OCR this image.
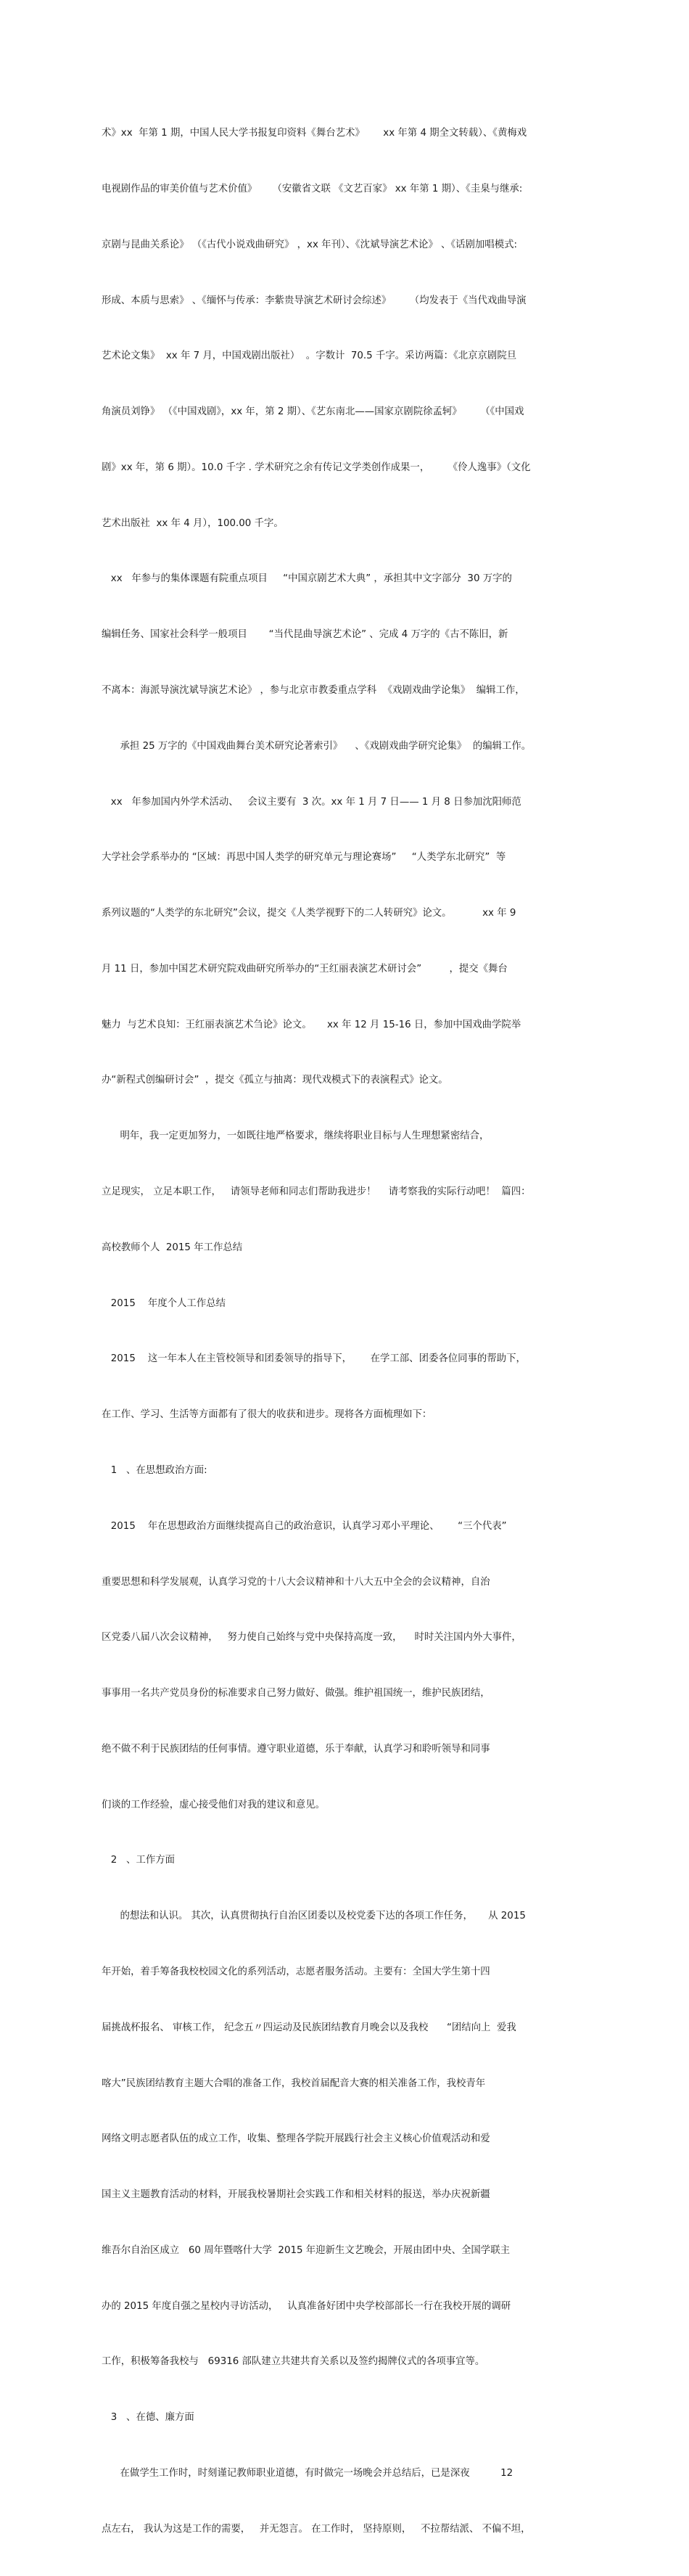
术》xx  年第 1 期，中国人民大学书报复印资料《舞台艺术》      xx 年第 4 期全文转载）、《黄梅戏

电视剧作品的审美价值与艺术价值》     （安徽省文联 《文艺百家》 xx 年第 1 期）、《圭臬与继承:

京剧与昆曲关系论》 （《古代小说戏曲研究》 ，xx 年刊）、《沈斌导演艺术论》 、《话剧加唱模式:

形成、本质与思索》 、《缅怀与传承：李紫贵导演艺术研讨会综述》      （均发表于《当代戏曲导演

艺术论文集》  xx 年 7 月，中国戏剧出版社）  。字数计  70.5 千字。采访两篇：《北京京剧院旦

角演员刘铮》 （《中国戏剧》，xx 年，第 2 期）、《艺东南北——国家京剧院徐孟轲》      （《中国戏

剧》xx 年，第 6 期）。10.0 千字 . 学术研究之余有传记文学类创作成果一，      《伶人逸事》（文化

艺术出版社  xx 年 4 月），100.00 千字。

xx   年参与的集体课题有院重点项目     “中国京剧艺术大典” ，承担其中文字部分  30 万字的

编辑任务、国家社会科学一般项目       “当代昆曲导演艺术论” 、完成 4 万字的《古不陈旧，新

不离本：海派导演沈斌导演艺术论》 ，参与北京市教委重点学科  《戏剧戏曲学论集》  编辑工作，

承担 25 万字的《中国戏曲舞台美术研究论著索引》    、《戏剧戏曲学研究论集》  的编辑工作。

xx   年参加国内外学术活动、   会议主要有  3 次。xx 年 1 月 7 日—— 1 月 8 日参加沈阳师范

大学社会学系举办的 “区域：再思中国人类学的研究单元与理论赛场”     “人类学东北研究”  等

系列议题的“人类学的东北研究”会议，提交《人类学视野下的二人转研究》论文。          xx 年 9

月 11 日，参加中国艺术研究院戏曲研究所举办的“王红丽表演艺术研讨会”         ，提交《舞台

魅力  与艺术良知：王红丽表演艺术刍论》论文。     xx 年 12 月 15-16 日，参加中国戏曲学院举

办“新程式创编研讨会”  ，提交《孤立与抽离：现代戏模式下的表演程式》论文。

明年，我一定更加努力，一如既往地严格要求，继续将职业目标与人生理想紧密结合，

立足现实， 立足本职工作，   请领导老师和同志们帮助我进步！    请考察我的实际行动吧！  篇四：

高校教师个人  2015 年工作总结

2015    年度个人工作总结

2015    这一年本人在主管校领导和团委领导的指导下，      在学工部、团委各位同事的帮助下，

在工作、学习、生活等方面都有了很大的收获和进步。现将各方面梳理如下：

1   、在思想政治方面:

2015    年在思想政治方面继续提高自己的政治意识，认真学习邓小平理论、      “三个代表”

重要思想和科学发展观，认真学习党的十八大会议精神和十八大五中全会的会议精神，自治

区党委八届八次会议精神，   努力使自己始终与党中央保持高度一致，    时时关注国内外大事件，

事事用一名共产党员身份的标准要求自己努力做好、做强。维护祖国统一，维护民族团结，

绝不做不利于民族团结的任何事情。遵守职业道德，乐于奉献，认真学习和聆听领导和同事

们谈的工作经验，虚心接受他们对我的建议和意见。

2   、工作方面

的想法和认识。 其次，认真贯彻执行自治区团委以及校党委下达的各项工作任务，     从 2015

年开始，着手筹备我校校园文化的系列活动，志愿者服务活动。主要有：全国大学生第十四

届挑战杯报名、 审核工作， 纪念五〃四运动及民族团结教育月晚会以及我校      “团结向上  爱我

喀大”民族团结教育主题大合唱的准备工作，我校首届配音大赛的相关准备工作，我校青年

网络文明志愿者队伍的成立工作，收集、整理各学院开展践行社会主义核心价值观活动和爱

国主义主题教育活动的材料，开展我校暑期社会实践工作和相关材料的报送，举办庆祝新疆

维吾尔自治区成立   60 周年暨喀什大学  2015 年迎新生文艺晚会，开展由团中央、全国学联主

办的 2015 年度自强之星校内寻访活动，   认真准备好团中央学校部部长一行在我校开展的调研

工作，积极筹备我校与   69316 部队建立共建共育关系以及签约揭牌仪式的各项事宜等。

3   、在德、廉方面

在做学生工作时，时刻谨记教师职业道德，有时做完一场晚会并总结后，已是深夜          12

点左右， 我认为这是工作的需要，   并无怨言。 在工作时， 坚持原则，   不拉帮结派、 不偏不坦，
